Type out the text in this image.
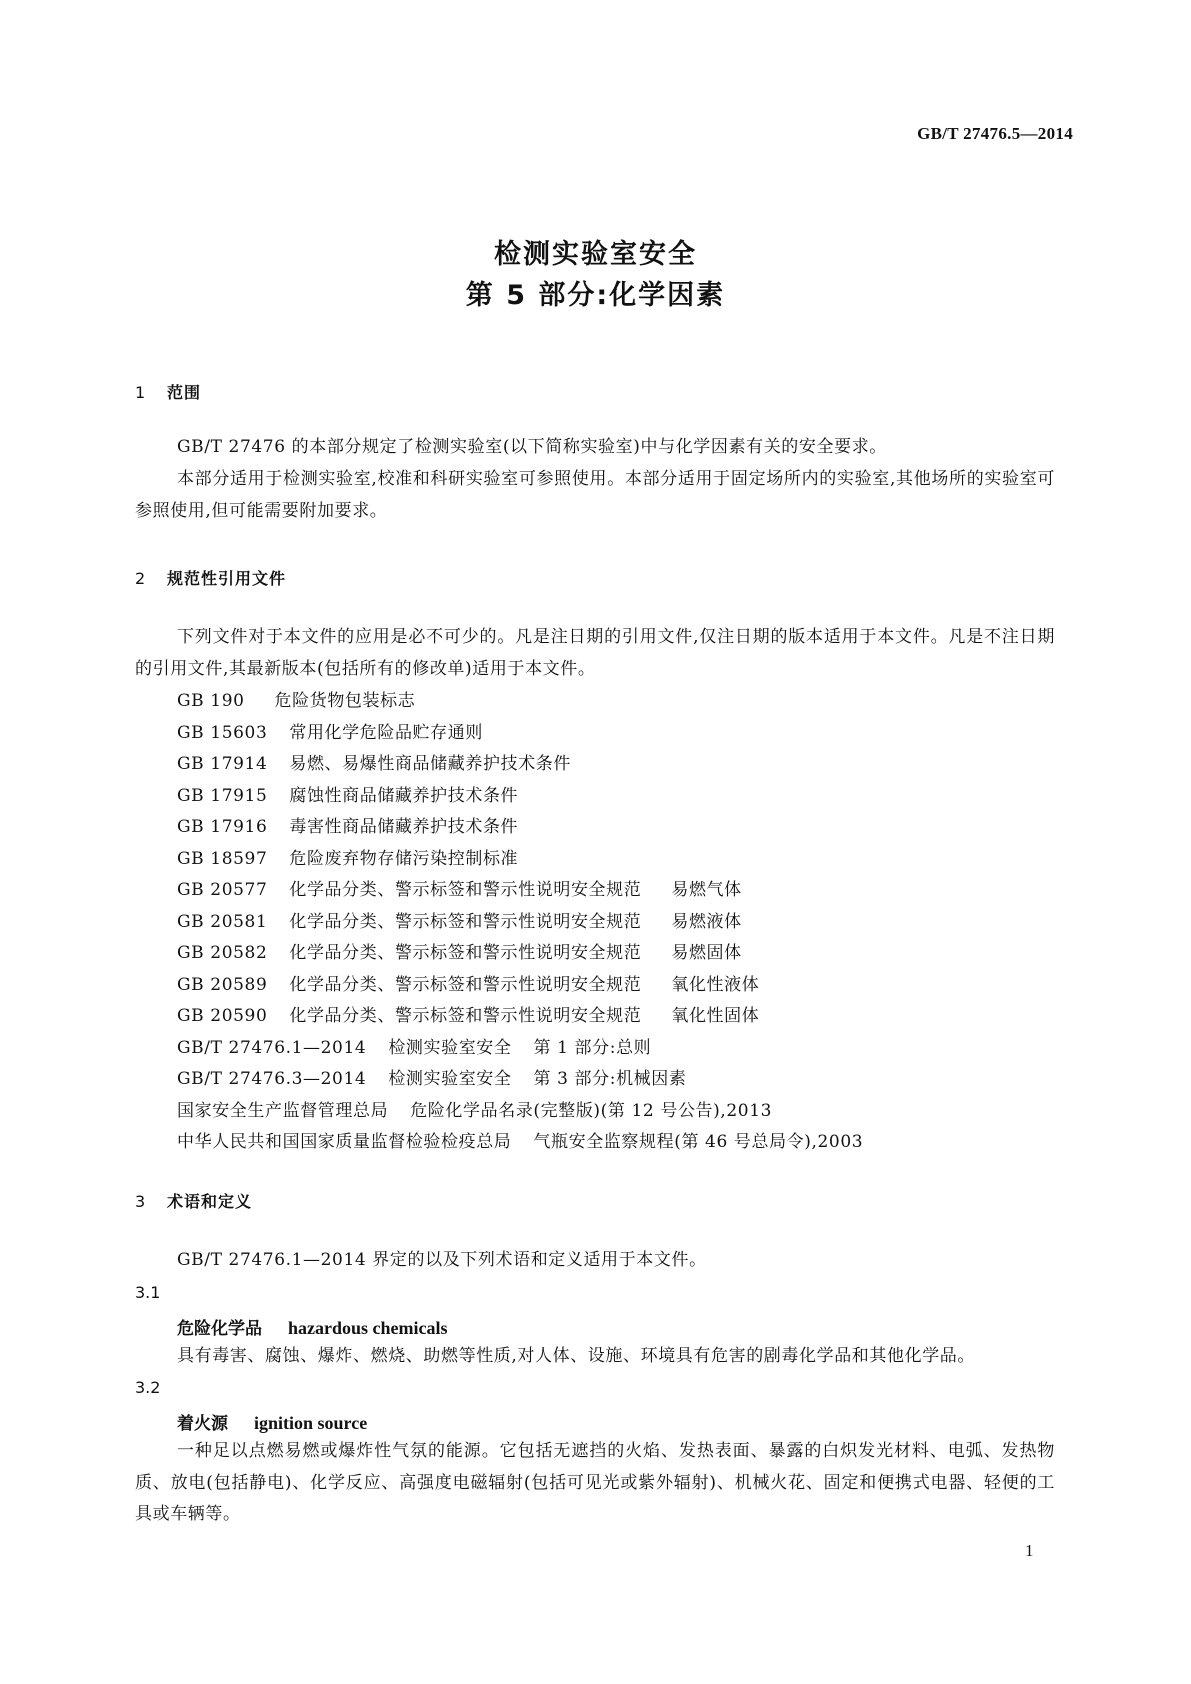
GB/T 27476.5—2014
检测实验室安全
第 5 部分:化学因素
1 范围

GB/T 27476 的本部分规定了检测实验室(以下简称实验室)中与化学因素有关的安全要求。

本部分适用于检测实验室,校准和科研实验室可参照使用。本部分适用于固定场所内的实验室,其他场所的实验室可参照使用,但可能需要附加要求。

2 规范性引用文件

下列文件对于本文件的应用是必不可少的。凡是注日期的引用文件,仅注日期的版本适用于本文件。凡是不注日期的引用文件,其最新版本(包括所有的修改单)适用于本文件。

GB 190 危险货物包装标志
GB 15603 常用化学危险品贮存通则
GB 17914 易燃、易爆性商品储藏养护技术条件
GB 17915 腐蚀性商品储藏养护技术条件
GB 17916 毒害性商品储藏养护技术条件
GB 18597 危险废弃物存储污染控制标准
GB 20577 化学品分类、警示标签和警示性说明安全规范 易燃气体
GB 20581 化学品分类、警示标签和警示性说明安全规范 易燃液体
GB 20582 化学品分类、警示标签和警示性说明安全规范 易燃固体
GB 20589 化学品分类、警示标签和警示性说明安全规范 氧化性液体
GB 20590 化学品分类、警示标签和警示性说明安全规范 氧化性固体
GB/T 27476.1—2014 检测实验室安全 第 1 部分:总则
GB/T 27476.3—2014 检测实验室安全 第 3 部分:机械因素
国家安全生产监督管理总局 危险化学品名录(完整版)(第 12 号公告),2013
中华人民共和国国家质量监督检验检疫总局 气瓶安全监察规程(第 46 号总局令),2003
3 术语和定义

GB/T 27476.1—2014 界定的以及下列术语和定义适用于本文件。

3.1
危险化学品 hazardous chemicals

具有毒害、腐蚀、爆炸、燃烧、助燃等性质,对人体、设施、环境具有危害的剧毒化学品和其他化学品。

3.2
着火源 ignition source

一种足以点燃易燃或爆炸性气氛的能源。它包括无遮挡的火焰、发热表面、暴露的白炽发光材料、电弧、发热物质、放电(包括静电)、化学反应、高强度电磁辐射(包括可见光或紫外辐射)、机械火花、固定和便携式电器、轻便的工具或车辆等。

1
